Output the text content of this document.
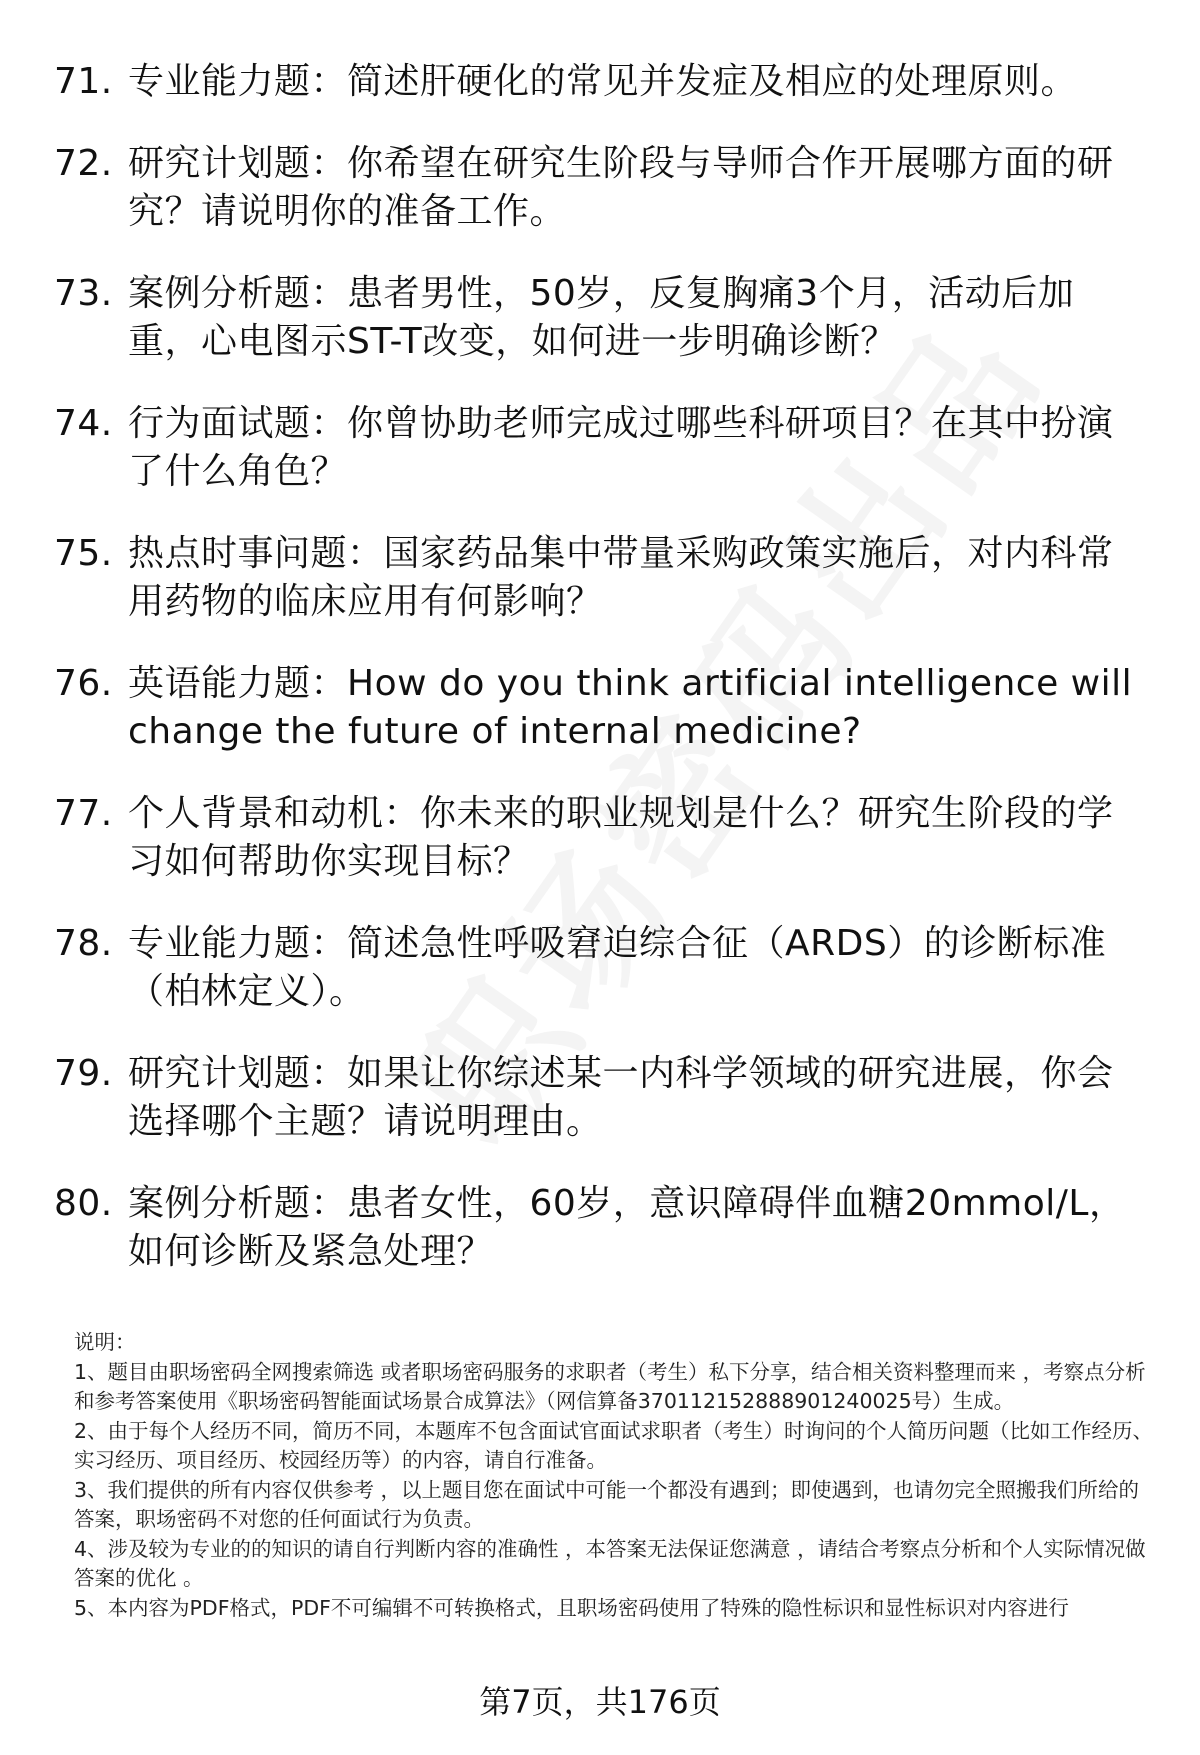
71. 专业能力题：简述肝硬化的常见并发症及相应的处理原则。
72. 研究计划题：你希望在研究生阶段与导师合作开展哪方面的研究？请说明你的准备工作。
73. 案例分析题：患者男性，50岁，反复胸痛3个月，活动后加重，心电图示ST-T改变，如何进一步明确诊断？
74. 行为面试题：你曾协助老师完成过哪些科研项目？在其中扮演了什么角色？
75. 热点时事问题：国家药品集中带量采购政策实施后，对内科常用药物的临床应用有何影响？
76. 英语能力题：How do you think artificial intelligence will change the future of internal medicine?
77. 个人背景和动机：你未来的职业规划是什么？研究生阶段的学习如何帮助你实现目标？
78. 专业能力题：简述急性呼吸窘迫综合征（ARDS）的诊断标准（柏林定义）。
79. 研究计划题：如果让你综述某一内科学领域的研究进展，你会选择哪个主题？请说明理由。
80. 案例分析题：患者女性，60岁，意识障碍伴血糖20mmol/L，如何诊断及紧急处理？

说明：

1、题目由职场密码全网搜索筛选 或者职场密码服务的求职者（考生）私下分享，结合相关资料整理而来 ，考察点分析和参考答案使用《职场密码智能面试场景合成算法》（网信算备370112152888901240025号）生成。

2、由于每个人经历不同，简历不同，本题库不包含面试官面试求职者（考生）时询问的个人简历问题（比如工作经历、实习经历、项目经历、校园经历等）的内容，请自行准备。

3、我们提供的所有内容仅供参考 ，以上题目您在面试中可能一个都没有遇到；即使遇到，也请勿完全照搬我们所给的答案，职场密码不对您的任何面试行为负责。

4、涉及较为专业的的知识的请自行判断内容的准确性 ，本答案无法保证您满意 ，请结合考察点分析和个人实际情况做答案的优化 。

5、本内容为PDF格式，PDF不可编辑不可转换格式，且职场密码使用了特殊的隐性标识和显性标识对内容进行

第7页，共176页
